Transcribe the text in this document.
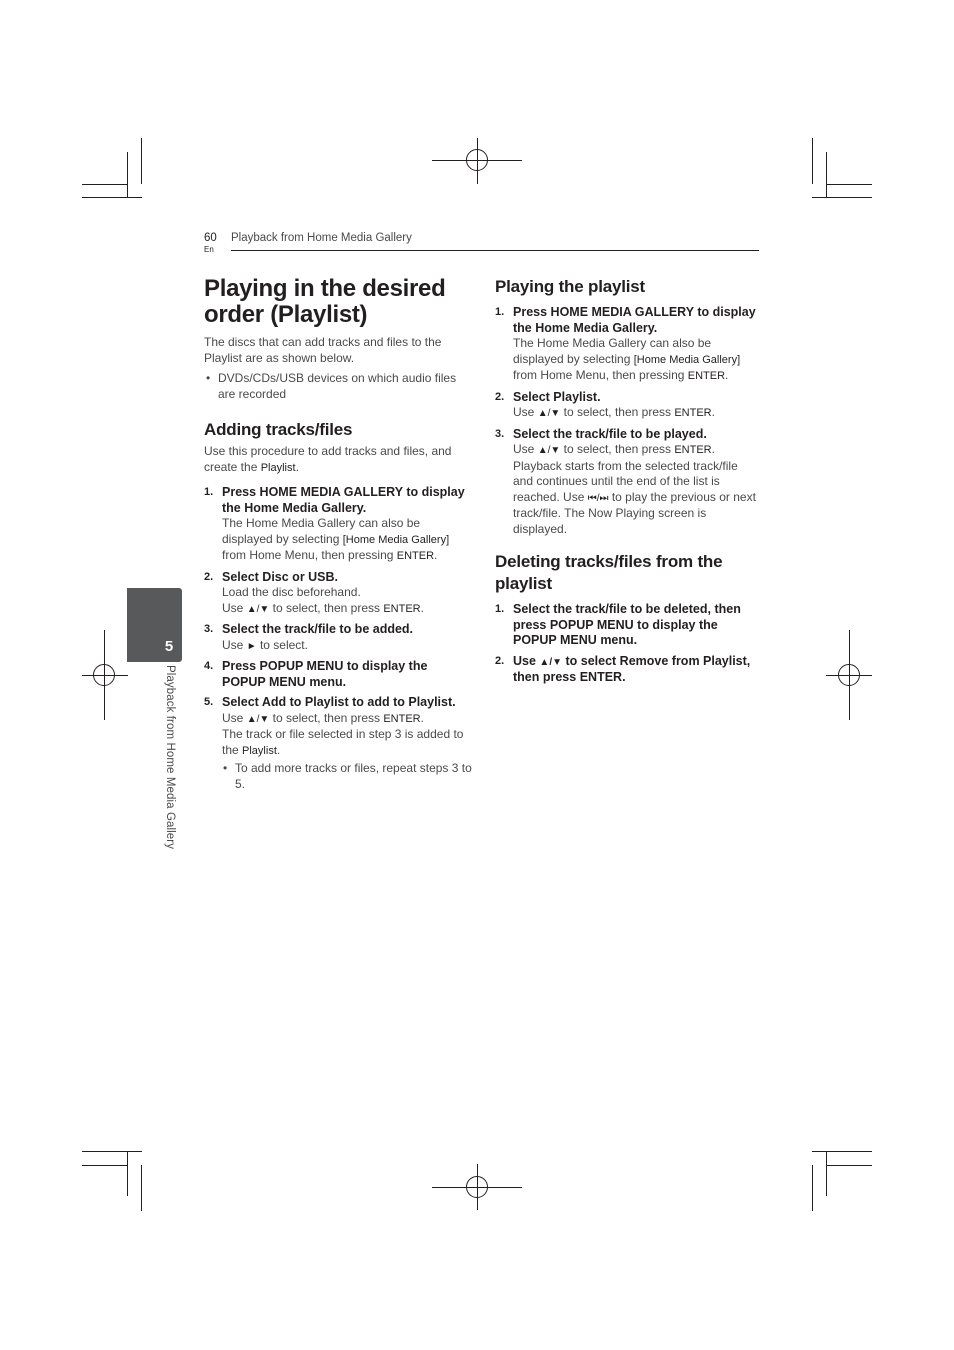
60
En
Playback from Home Media Gallery
5
Playback from Home Media Gallery
Playing in the desired
order (Playlist)

The discs that can add tracks and files to the Playlist are as shown below.

• DVDs/CDs/USB devices on which audio files are recorded
Adding tracks/files

Use this procedure to add tracks and files, and create the Playlist.

1. Press HOME MEDIA GALLERY to display the Home Media Gallery.
The Home Media Gallery can also be displayed by selecting [Home Media Gallery] from Home Menu, then pressing ENTER.
2. Select Disc or USB.
Load the disc beforehand.
Use ▲/▼ to select, then press ENTER.
3. Select the track/file to be added.
Use ► to select.
4. Press POPUP MENU to display the POPUP MENU menu.
5. Select Add to Playlist to add to Playlist.
Use ▲/▼ to select, then press ENTER.
The track or file selected in step 3 is added to the Playlist.
• To add more tracks or files, repeat steps 3 to 5.
Playing the playlist
1. Press HOME MEDIA GALLERY to display the Home Media Gallery.
The Home Media Gallery can also be displayed by selecting [Home Media Gallery] from Home Menu, then pressing ENTER.
2. Select Playlist.
Use ▲/▼ to select, then press ENTER.
3. Select the track/file to be played.
Use ▲/▼ to select, then press ENTER.
Playback starts from the selected track/file and continues until the end of the list is reached. Use ⏮/⏭ to play the previous or next track/file. The Now Playing screen is displayed.
Deleting tracks/files from the playlist
1. Select the track/file to be deleted, then press POPUP MENU to display the POPUP MENU menu.
2. Use ▲/▼ to select Remove from Playlist, then press ENTER.
